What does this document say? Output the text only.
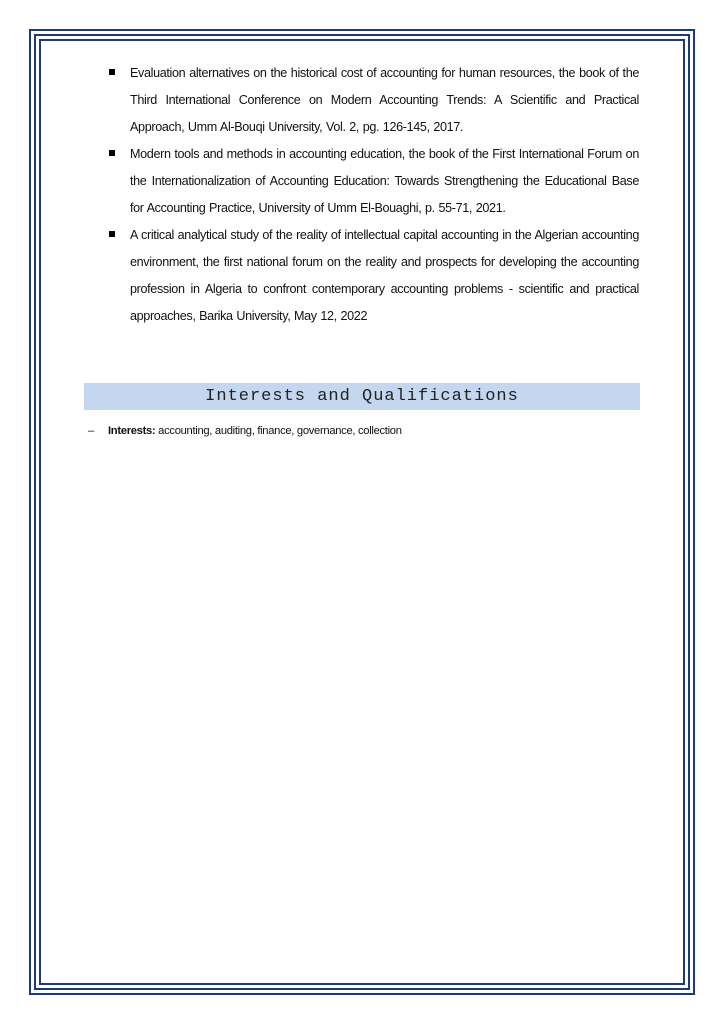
Evaluation alternatives on the historical cost of accounting for human resources, the book of the Third International Conference on Modern Accounting Trends: A Scientific and Practical Approach, Umm Al-Bouqi University, Vol. 2, pg. 126-145, 2017.
Modern tools and methods in accounting education, the book of the First International Forum on the Internationalization of Accounting Education: Towards Strengthening the Educational Base for Accounting Practice, University of Umm El-Bouaghi, p. 55-71, 2021.
A critical analytical study of the reality of intellectual capital accounting in the Algerian accounting environment, the first national forum on the reality and prospects for developing the accounting profession in Algeria to confront contemporary accounting problems - scientific and practical approaches, Barika University, May 12, 2022
Interests and Qualifications
– Interests: accounting, auditing, finance, governance, collection
